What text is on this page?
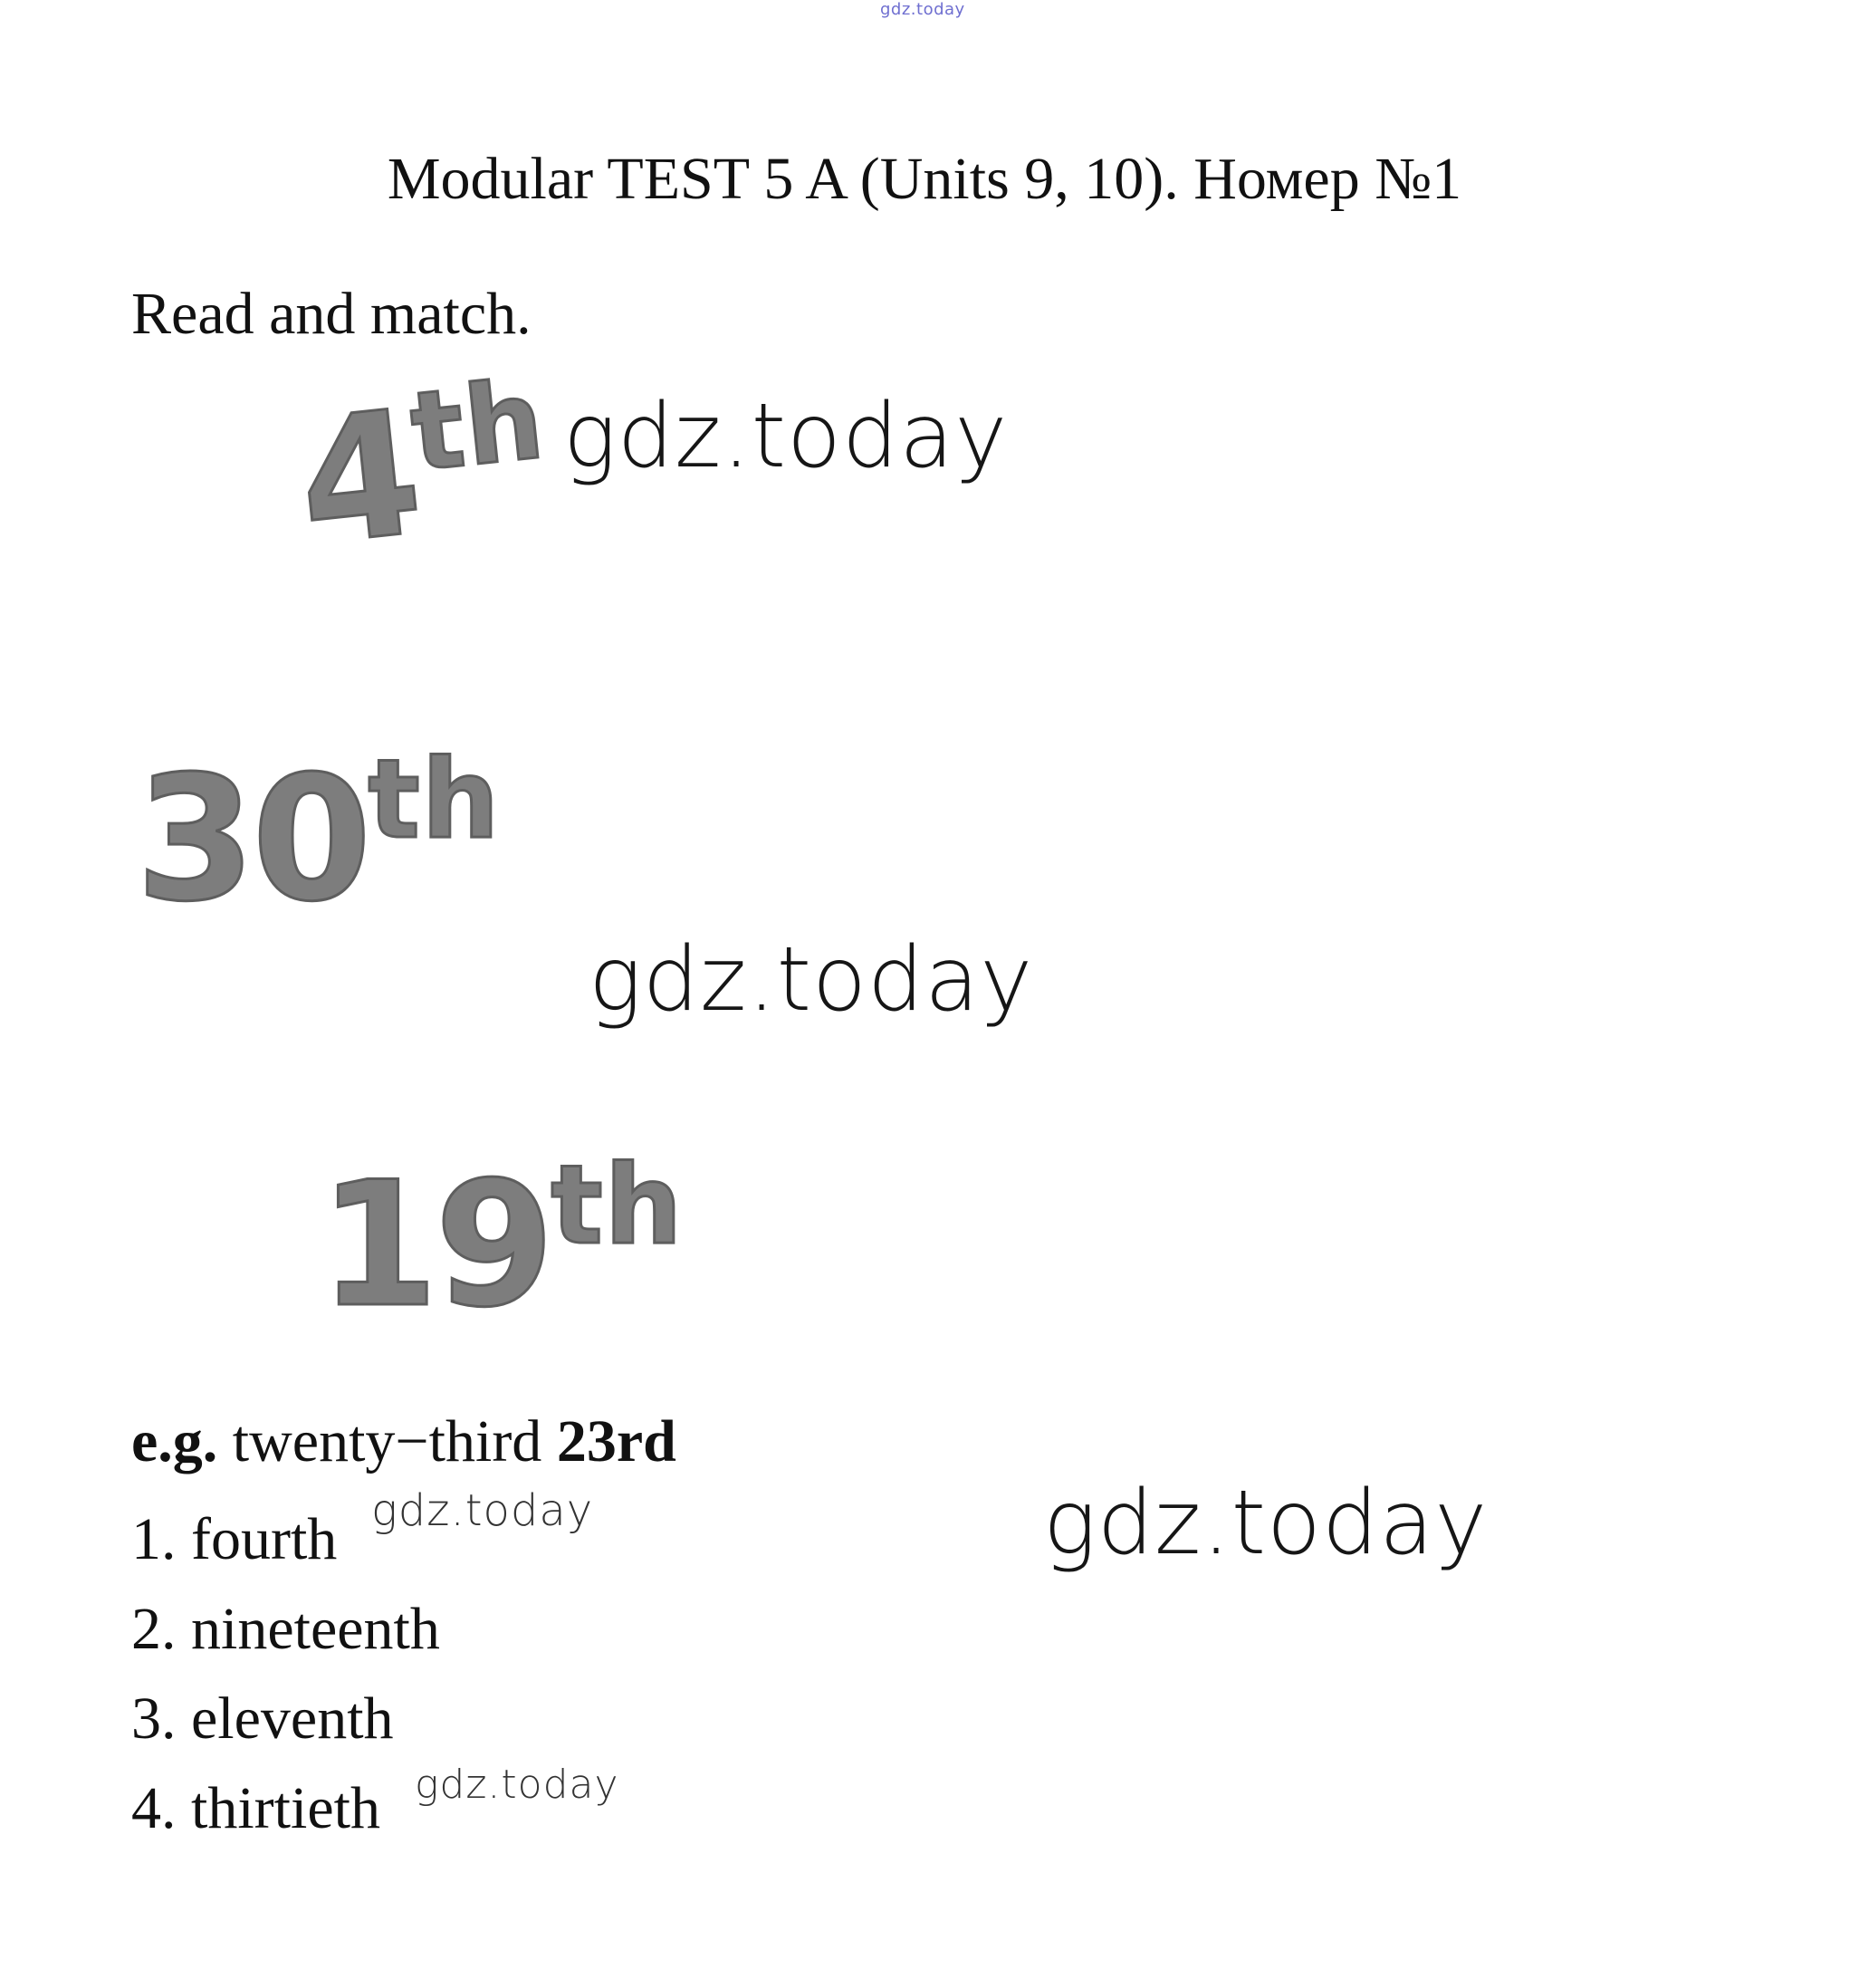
gdz.today
Modular TEST 5 A (Units 9, 10). Номер №1
Read and match.
4th
30th
19th
gdz.today
gdz.today
gdz.today
e.g. twenty−third 23rd
1. fourth
2. nineteenth
3. eleventh
4. thirtieth
gdz.today
gdz.today
